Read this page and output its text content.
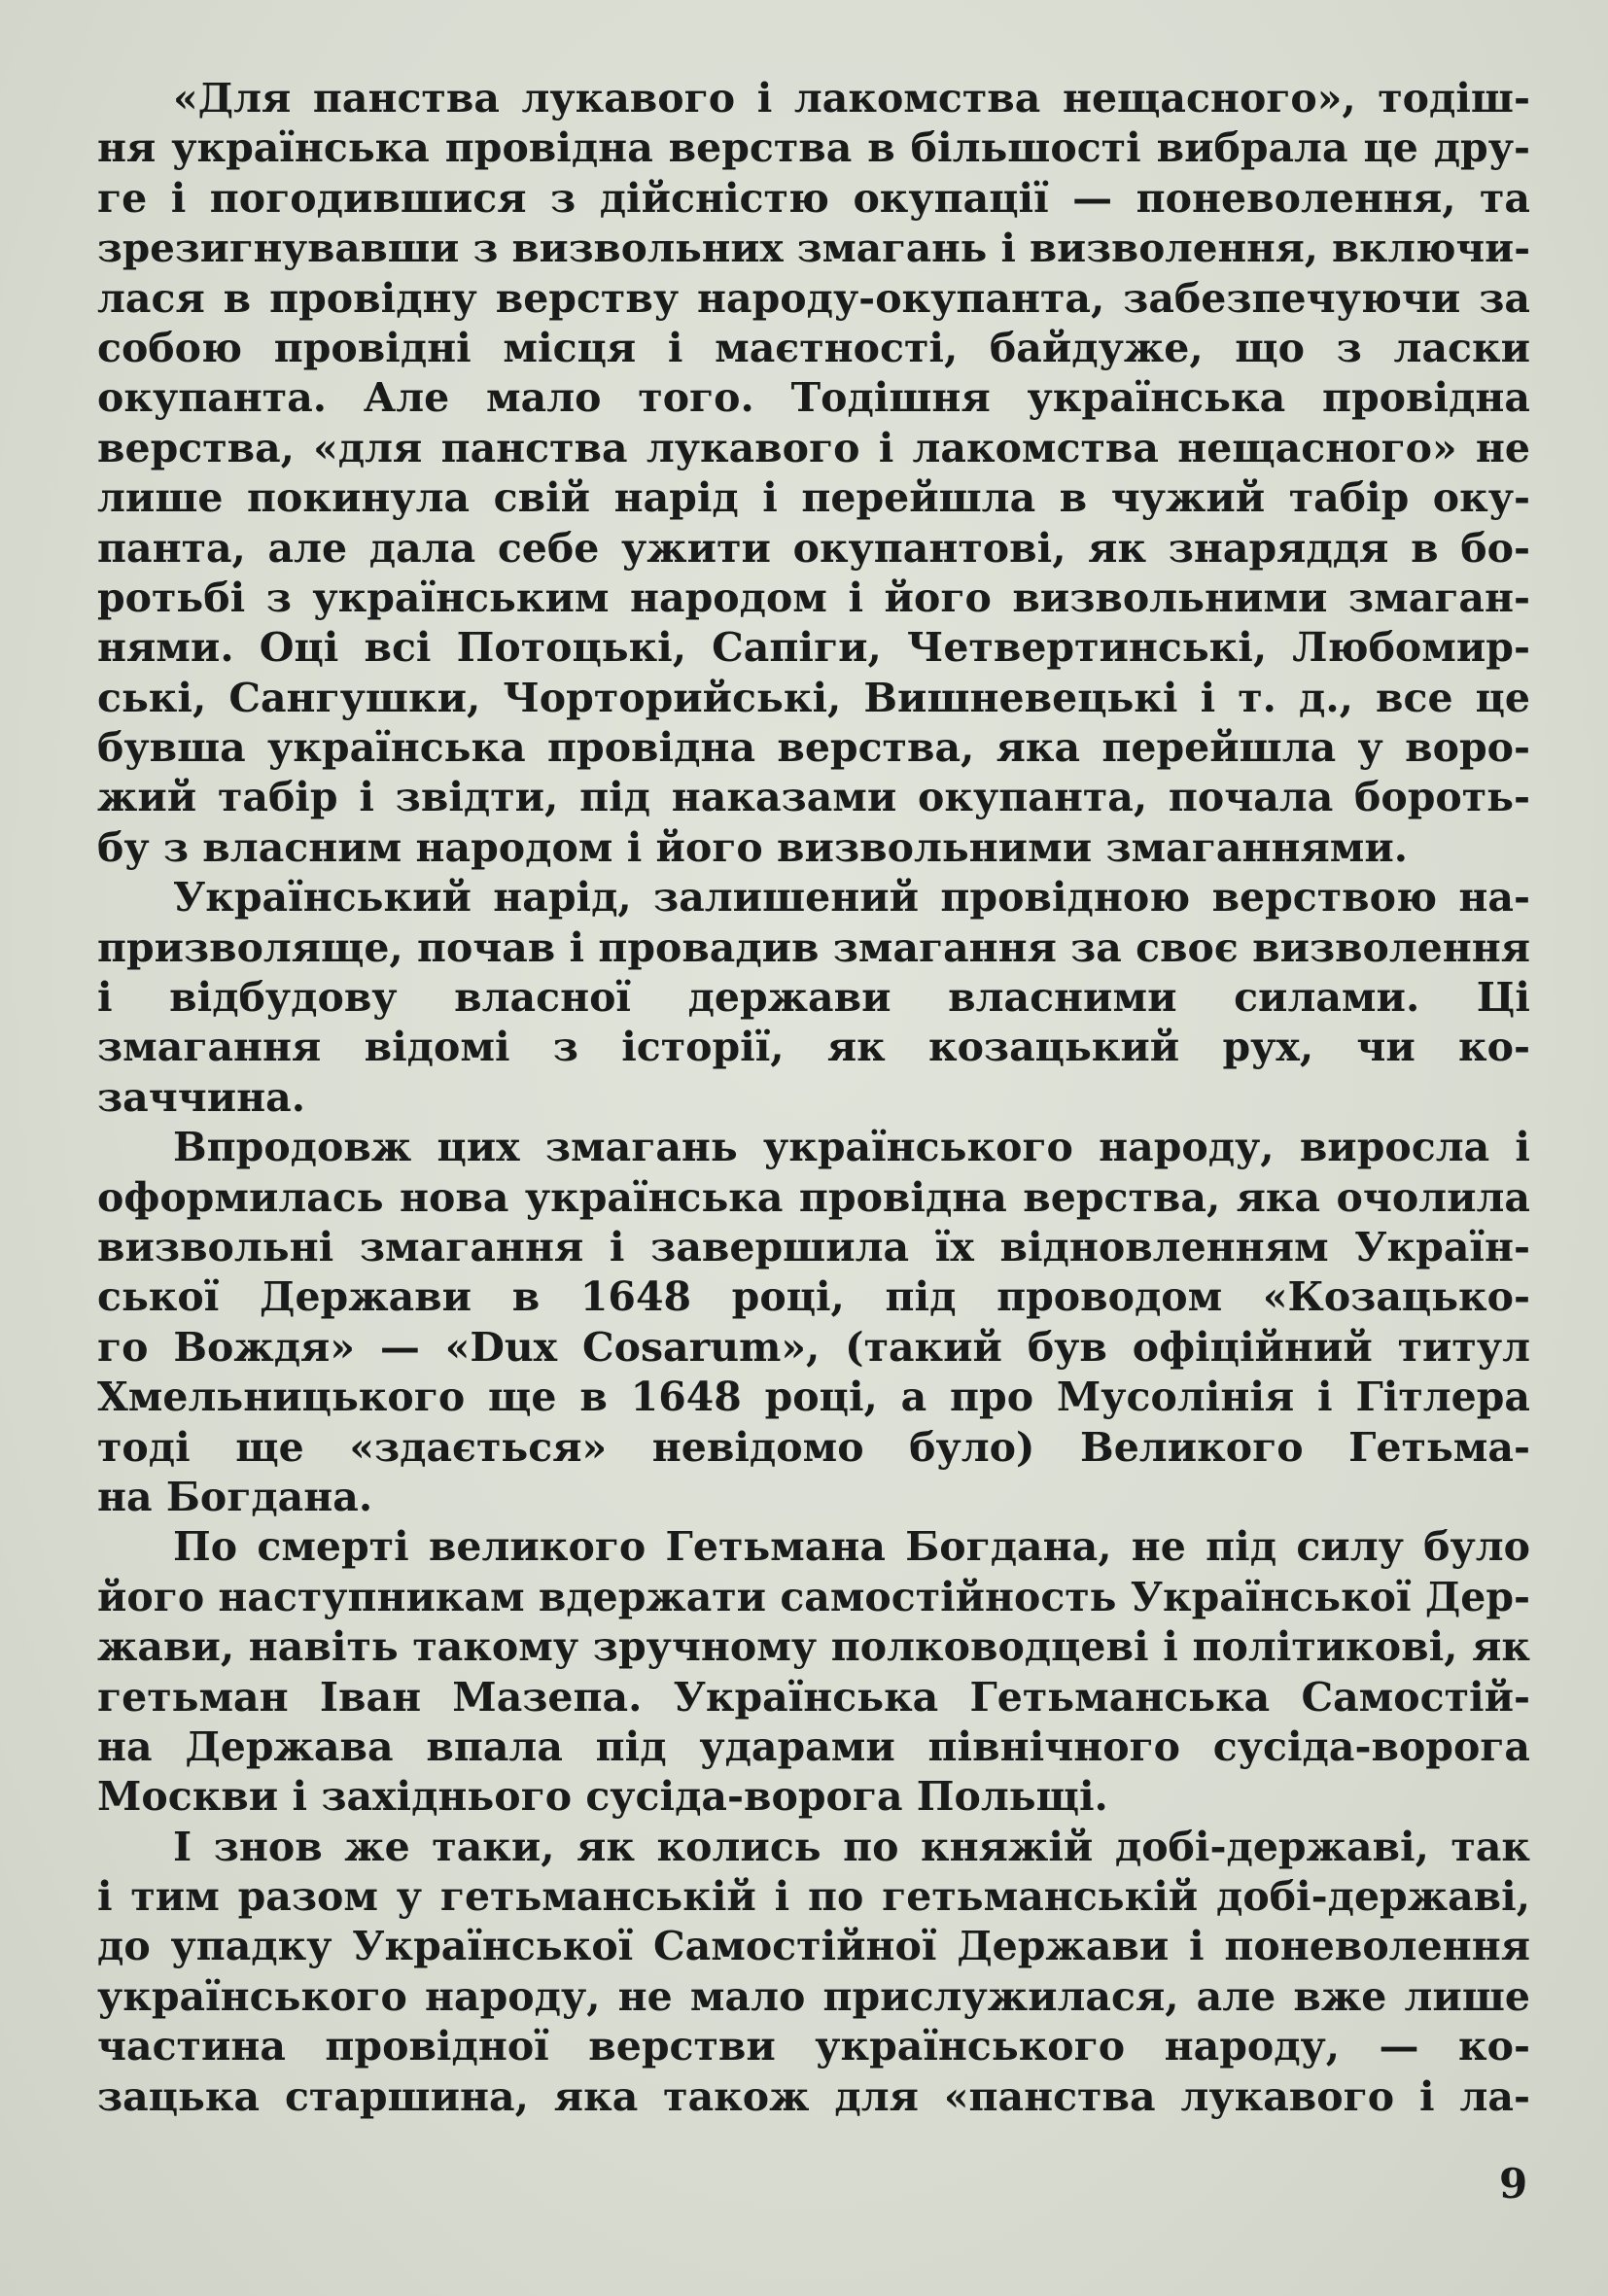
«Для панства лукавого і лакомства нещасного», тодіш-
ня українська провідна верства в більшості вибрала це дру-
ге і погодившися з дійсністю окупації — поневолення, та
зрезигнувавши з визвольних змагань і визволення, включи-
лася в провідну верству народу-окупанта, забезпечуючи за
собою провідні місця і маєтності, байдуже, що з ласки
окупанта. Але мало того. Тодішня українська провідна
верства, «для панства лукавого і лакомства нещасного» не
лише покинула свій нарід і перейшла в чужий табір оку-
панта, але дала себе ужити окупантові, як знаряддя в бо-
ротьбі з українським народом і його визвольними змаган-
нями. Оці всі Потоцькі, Сапіги, Четвертинські, Любомир-
ські, Сангушки, Чорторийські, Вишневецькі і т. д., все це
бувша українська провідна верства, яка перейшла у воро-
жий табір і звідти, під наказами окупанта, почала бороть-
бу з власним народом і його визвольними змаганнями.
Український нарід, залишений провідною верствою на-
призволяще, почав і провадив змагання за своє визволення
і відбудову власної держави власними силами. Ці
змагання відомі з історії, як козацький рух, чи ко-
заччина.
Впродовж цих змагань українського народу, виросла і
оформилась нова українська провідна верства, яка очолила
визвольні змагання і завершила їх відновленням Україн-
ської Держави в 1648 році, під проводом «Козацько-
го Вождя» — «Dux Cosarum», (такий був офіційний титул
Хмельницького ще в 1648 році, а про Мусолінія і Гітлера
тоді ще «здається» невідомо було) Великого Гетьма-
на Богдана.
По смерті великого Гетьмана Богдана, не під силу було
його наступникам вдержати самостійность Української Дер-
жави, навіть такому зручному полководцеві і політикові, як
гетьман Іван Мазепа. Українська Гетьманська Самостій-
на Держава впала під ударами північного сусіда-ворога
Москви і західнього сусіда-ворога Польщі.
І знов же таки, як колись по княжій добі-державі, так
і тим разом у гетьманській і по гетьманській добі-державі,
до упадку Української Самостійної Держави і поневолення
українського народу, не мало прислужилася, але вже лише
частина провідної верстви українського народу, — ко-
зацька старшина, яка також для «панства лукавого і ла-
9
